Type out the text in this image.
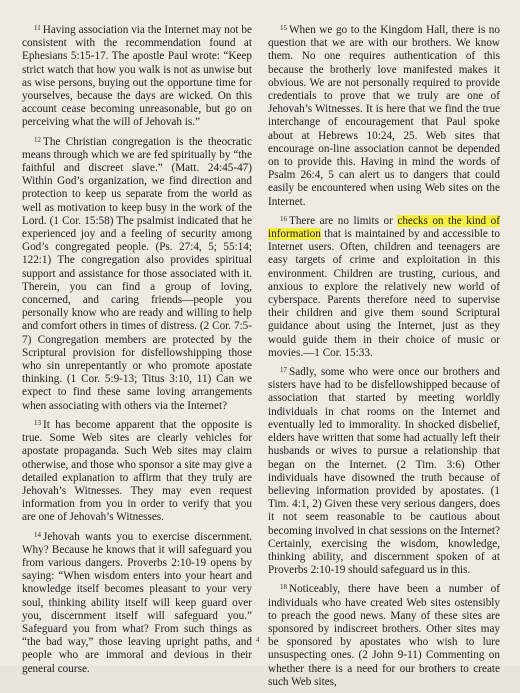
$^{11}$ Having association via the Internet may not be consistent with the recommendation found at Ephesians 5:15-17. The apostle Paul wrote: “Keep strict watch that how you walk is not as unwise but as wise persons, buying out the opportune time for yourselves, because the days are wicked. On this account cease becoming unreasonable, but go on perceiving what the will of Jehovah is.”

$^{12}$ The Christian congregation is the theocratic means through which we are fed spiritually by “the faithful and discreet slave.” (Matt. 24:45-47) Within God’s organization, we find direction and protection to keep us separate from the world as well as motivation to keep busy in the work of the Lord. (1 Cor. 15:58) The psalmist indicated that he experienced joy and a feeling of security among God’s congregated people. (Ps. 27:4, 5; 55:14; 122:1) The congregation also provides spiritual support and assistance for those associated with it. Therein, you can find a group of loving, concerned, and caring friends—people you personally know who are ready and willing to help and comfort others in times of distress. (2 Cor. 7:5-7) Congregation members are protected by the Scriptural provision for disfellowshipping those who sin unrepentantly or who promote apostate thinking. (1 Cor. 5:9-13; Titus 3:10, 11) Can we expect to find these same loving arrangements when associating with others via the Internet?

$^{13}$ It has become apparent that the opposite is true. Some Web sites are clearly vehicles for apostate propaganda. Such Web sites may claim otherwise, and those who sponsor a site may give a detailed explanation to affirm that they truly are Jehovah’s Witnesses. They may even request information from you in order to verify that you are one of Jehovah’s Witnesses.

$^{14}$ Jehovah wants you to exercise discernment. Why? Because he knows that it will safeguard you from various dangers. Proverbs 2:10-19 opens by saying: “When wisdom enters into your heart and knowledge itself becomes pleasant to your very soul, thinking ability itself will keep guard over you, discernment itself will safeguard you.” Safeguard you from what? From such things as “the bad way,” those leaving upright paths, and people who are immoral and devious in their general course.

$^{15}$ When we go to the Kingdom Hall, there is no question that we are with our brothers. We know them. No one requires authentication of this because the brotherly love manifested makes it obvious. We are not personally required to provide credentials to prove that we truly are one of Jehovah’s Witnesses. It is here that we find the true interchange of encouragement that Paul spoke about at Hebrews 10:24, 25. Web sites that encourage on-line association cannot be depended on to provide this. Having in mind the words of Psalm 26:4, 5 can alert us to dangers that could easily be encountered when using Web sites on the Internet.

$^{16}$ There are no limits or checks on the kind of information that is maintained by and accessible to Internet users. Often, children and teenagers are easy targets of crime and exploitation in this environment. Children are trusting, curious, and anxious to explore the relatively new world of cyberspace. Parents therefore need to supervise their children and give them sound Scriptural guidance about using the Internet, just as they would guide them in their choice of music or movies.—1 Cor. 15:33.

$^{17}$ Sadly, some who were once our brothers and sisters have had to be disfellowshipped because of association that started by meeting worldly individuals in chat rooms on the Internet and eventually led to immorality. In shocked disbelief, elders have written that some had actually left their husbands or wives to pursue a relationship that began on the Internet. (2 Tim. 3:6) Other individuals have disowned the truth because of believing information provided by apostates. (1 Tim. 4:1, 2) Given these very serious dangers, does it not seem reasonable to be cautious about becoming involved in chat sessions on the Internet? Certainly, exercising the wisdom, knowledge, thinking ability, and discernment spoken of at Proverbs 2:10-19 should safeguard us in this.

$^{18}$ Noticeably, there have been a number of individuals who have created Web sites ostensibly to preach the good news. Many of these sites are sponsored by indiscreet brothers. Other sites may be sponsored by apostates who wish to lure unsuspecting ones. (2 John 9-11) Commenting on whether there is a need for our brothers to create such Web sites,

4
